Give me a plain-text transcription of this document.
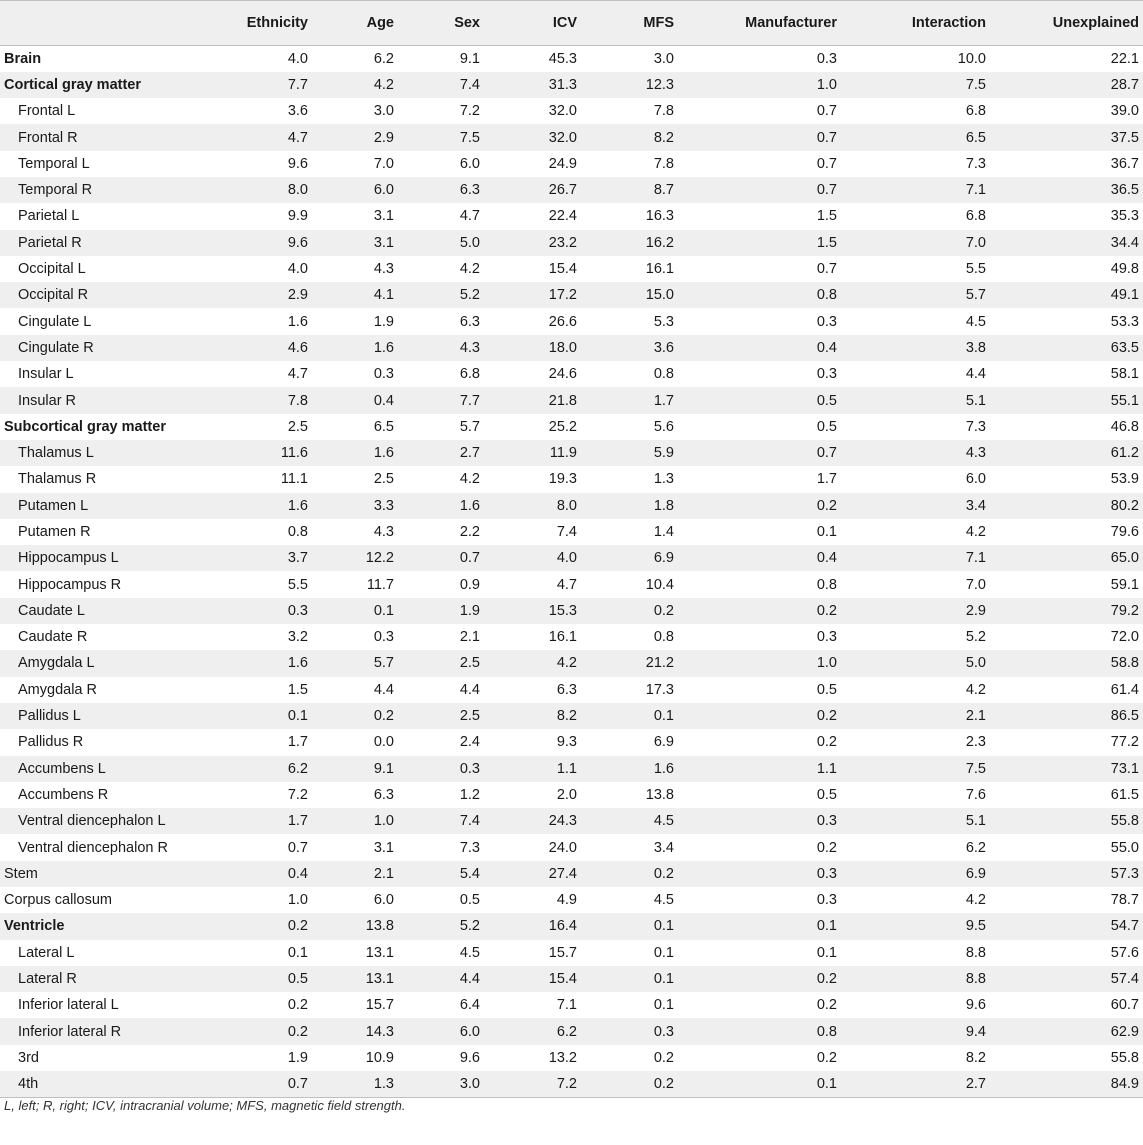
	Ethnicity	Age	Sex	ICV	MFS	Manufacturer	Interaction	Unexplained
Brain	4.0	6.2	9.1	45.3	3.0	0.3	10.0	22.1
Cortical gray matter	7.7	4.2	7.4	31.3	12.3	1.0	7.5	28.7
Frontal L	3.6	3.0	7.2	32.0	7.8	0.7	6.8	39.0
Frontal R	4.7	2.9	7.5	32.0	8.2	0.7	6.5	37.5
Temporal L	9.6	7.0	6.0	24.9	7.8	0.7	7.3	36.7
Temporal R	8.0	6.0	6.3	26.7	8.7	0.7	7.1	36.5
Parietal L	9.9	3.1	4.7	22.4	16.3	1.5	6.8	35.3
Parietal R	9.6	3.1	5.0	23.2	16.2	1.5	7.0	34.4
Occipital L	4.0	4.3	4.2	15.4	16.1	0.7	5.5	49.8
Occipital R	2.9	4.1	5.2	17.2	15.0	0.8	5.7	49.1
Cingulate L	1.6	1.9	6.3	26.6	5.3	0.3	4.5	53.3
Cingulate R	4.6	1.6	4.3	18.0	3.6	0.4	3.8	63.5
Insular L	4.7	0.3	6.8	24.6	0.8	0.3	4.4	58.1
Insular R	7.8	0.4	7.7	21.8	1.7	0.5	5.1	55.1
Subcortical gray matter	2.5	6.5	5.7	25.2	5.6	0.5	7.3	46.8
Thalamus L	11.6	1.6	2.7	11.9	5.9	0.7	4.3	61.2
Thalamus R	11.1	2.5	4.2	19.3	1.3	1.7	6.0	53.9
Putamen L	1.6	3.3	1.6	8.0	1.8	0.2	3.4	80.2
Putamen R	0.8	4.3	2.2	7.4	1.4	0.1	4.2	79.6
Hippocampus L	3.7	12.2	0.7	4.0	6.9	0.4	7.1	65.0
Hippocampus R	5.5	11.7	0.9	4.7	10.4	0.8	7.0	59.1
Caudate L	0.3	0.1	1.9	15.3	0.2	0.2	2.9	79.2
Caudate R	3.2	0.3	2.1	16.1	0.8	0.3	5.2	72.0
Amygdala L	1.6	5.7	2.5	4.2	21.2	1.0	5.0	58.8
Amygdala R	1.5	4.4	4.4	6.3	17.3	0.5	4.2	61.4
Pallidus L	0.1	0.2	2.5	8.2	0.1	0.2	2.1	86.5
Pallidus R	1.7	0.0	2.4	9.3	6.9	0.2	2.3	77.2
Accumbens L	6.2	9.1	0.3	1.1	1.6	1.1	7.5	73.1
Accumbens R	7.2	6.3	1.2	2.0	13.8	0.5	7.6	61.5
Ventral diencephalon L	1.7	1.0	7.4	24.3	4.5	0.3	5.1	55.8
Ventral diencephalon R	0.7	3.1	7.3	24.0	3.4	0.2	6.2	55.0
Stem	0.4	2.1	5.4	27.4	0.2	0.3	6.9	57.3
Corpus callosum	1.0	6.0	0.5	4.9	4.5	0.3	4.2	78.7
Ventricle	0.2	13.8	5.2	16.4	0.1	0.1	9.5	54.7
Lateral L	0.1	13.1	4.5	15.7	0.1	0.1	8.8	57.6
Lateral R	0.5	13.1	4.4	15.4	0.1	0.2	8.8	57.4
Inferior lateral L	0.2	15.7	6.4	7.1	0.1	0.2	9.6	60.7
Inferior lateral R	0.2	14.3	6.0	6.2	0.3	0.8	9.4	62.9
3rd	1.9	10.9	9.6	13.2	0.2	0.2	8.2	55.8
4th	0.7	1.3	3.0	7.2	0.2	0.1	2.7	84.9
L, left; R, right; ICV, intracranial volume; MFS, magnetic field strength.
